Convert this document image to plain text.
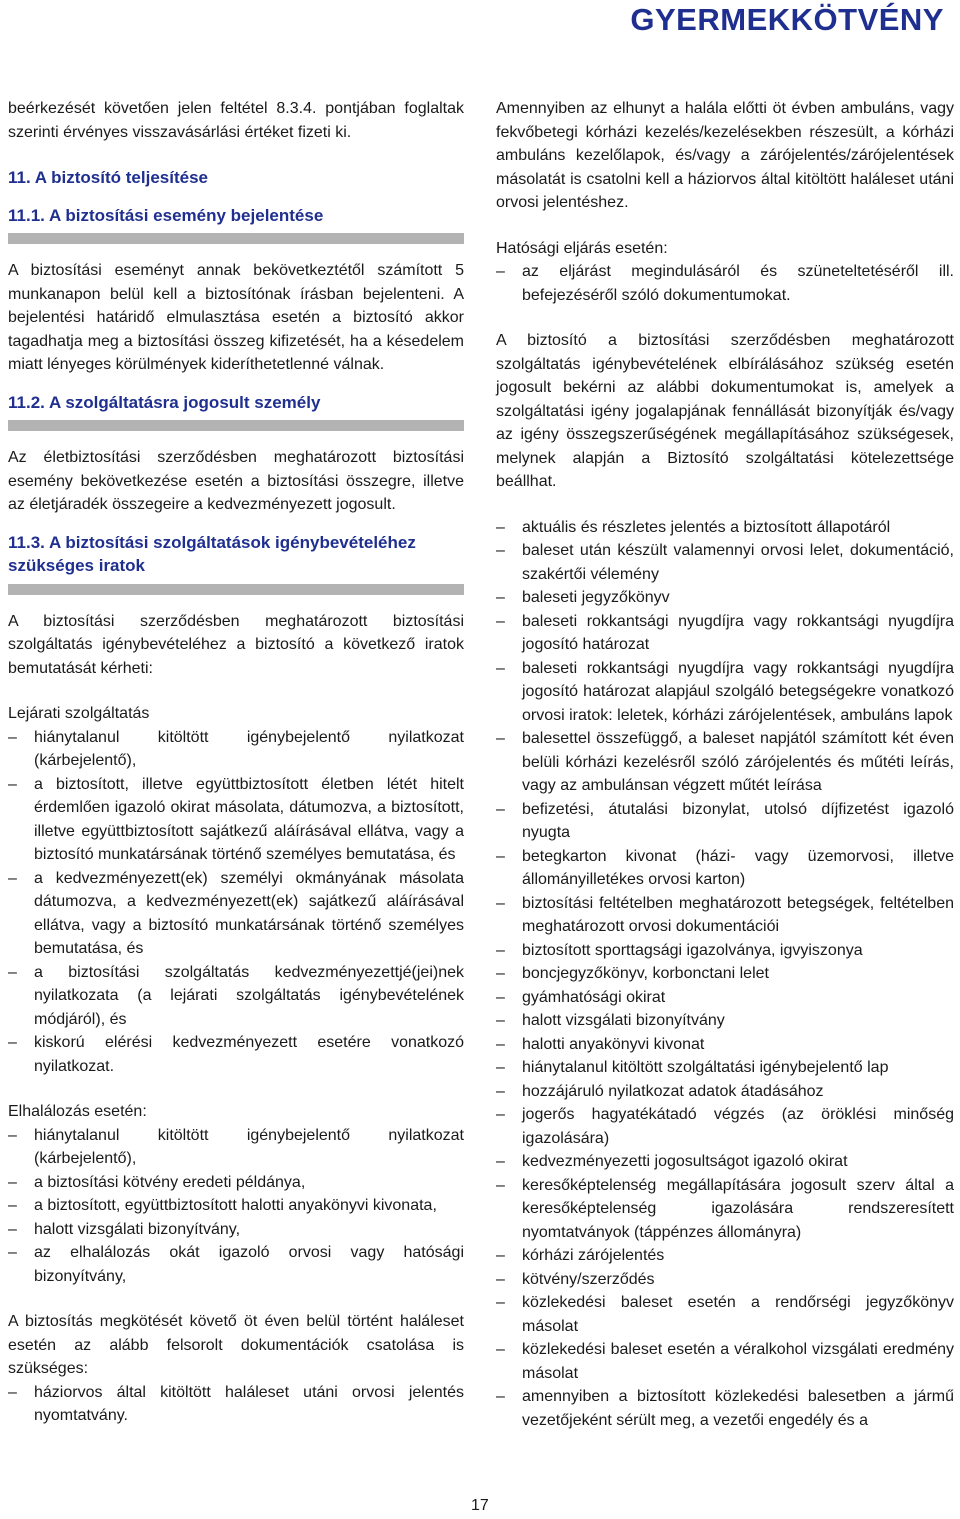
GYERMEKKÖTVÉNY

beérkezését követően jelen feltétel 8.3.4. pontjában foglaltak szerinti érvényes visszavásárlási értéket fizeti ki.

11. A biztosító teljesítése
11.1. A biztosítási esemény bejelentése

A biztosítási eseményt annak bekövetkeztétől számított 5 munkanapon belül kell a biztosítónak írásban bejelenteni. A bejelentési határidő elmulasztása esetén a biztosító akkor tagadhatja meg a biztosítási összeg kifizetését, ha a késedelem miatt lényeges körülmények kideríthetetlenné válnak.

11.2. A szolgáltatásra jogosult személy

Az életbiztosítási szerződésben meghatározott biztosítási esemény bekövetkezése esetén a biztosítási összegre, illetve az életjáradék összegeire a kedvezményezett jogosult.

11.3. A biztosítási szolgáltatások igénybevételéhez szükséges iratok

A biztosítási szerződésben meghatározott biztosítási szolgáltatás igénybevételéhez a biztosító a következő iratok bemutatását kérheti:

Lejárati szolgáltatás

– hiánytalanul kitöltött igénybejelentő nyilatkozat (kárbejelentő),
– a biztosított, illetve együttbiztosított életben létét hitelt érdemlően igazoló okirat másolata, dátumozva, a biztosított, illetve együttbiztosított sajátkezű aláírásával ellátva, vagy a biztosító munkatársának történő személyes bemutatása, és
– a kedvezményezett(ek) személyi okmányának másolata dátumozva, a kedvezményezett(ek) sajátkezű aláírásával ellátva, vagy a biztosító munkatársának történő személyes bemutatása, és
– a biztosítási szolgáltatás kedvezményezettjé(jei)nek nyilatkozata (a lejárati szolgáltatás igénybevételének módjáról), és
– kiskorú elérési kedvezményezett esetére vonatkozó nyilatkozat.

Elhalálozás esetén:

– hiánytalanul kitöltött igénybejelentő nyilatkozat (kárbejelentő),
– a biztosítási kötvény eredeti példánya,
– a biztosított, együttbiztosított halotti anyakönyvi kivonata,
– halott vizsgálati bizonyítvány,
– az elhalálozás okát igazoló orvosi vagy hatósági bizonyítvány,

A biztosítás megkötését követő öt éven belül történt haláleset esetén az alább felsorolt dokumentációk csatolása is szükséges:

– háziorvos által kitöltött haláleset utáni orvosi jelentés nyomtatvány.

Amennyiben az elhunyt a halála előtti öt évben ambuláns, vagy fekvőbetegi kórházi kezelés/kezelésekben részesült, a kórházi ambuláns kezelőlapok, és/vagy a zárójelentés/zárójelentések másolatát is csatolni kell a háziorvos által kitöltött haláleset utáni orvosi jelentéshez.

Hatósági eljárás esetén:

– az eljárást megindulásáról és szüneteltetéséről ill. befejezéséről szóló dokumentumokat.

A biztosító a biztosítási szerződésben meghatározott szolgáltatás igénybevételének elbírálásához szükség esetén jogosult bekérni az alábbi dokumentumokat is, amelyek a szolgáltatási igény jogalapjának fennállását bizonyítják és/vagy az igény összegszerűségének megállapításához szükségesek, melynek alapján a Biztosító szolgáltatási kötelezettsége beállhat.

– aktuális és részletes jelentés a biztosított állapotáról
– baleset után készült valamennyi orvosi lelet, dokumentáció, szakértői vélemény
– baleseti jegyzőkönyv
– baleseti rokkantsági nyugdíjra vagy rokkantsági nyugdíjra jogosító határozat
– baleseti rokkantsági nyugdíjra vagy rokkantsági nyugdíjra jogosító határozat alapjául szolgáló betegségekre vonatkozó orvosi iratok: leletek, kórházi zárójelentések, ambuláns lapok
– balesettel összefüggő, a baleset napjától számított két éven belüli kórházi kezelésről szóló zárójelentés és műtéti leírás, vagy az ambulánsan végzett műtét leírása
– befizetési, átutalási bizonylat, utolsó díjfizetést igazoló nyugta
– betegkarton kivonat (házi- vagy üzemorvosi, illetve állományilletékes orvosi karton)
– biztosítási feltételben meghatározott betegségek, feltételben meghatározott orvosi dokumentációi
– biztosított sporttagsági igazolványa, igvyiszonya
– boncjegyzőkönyv, korbonctani lelet
– gyámhatósági okirat
– halott vizsgálati bizonyítvány
– halotti anyakönyvi kivonat
– hiánytalanul kitöltött szolgáltatási igénybejelentő lap
– hozzájáruló nyilatkozat adatok átadásához
– jogerős hagyatékátadó végzés (az öröklési minőség igazolására)
– kedvezményezetti jogosultságot igazoló okirat
– keresőképtelenség megállapítására jogosult szerv által a keresőképtelenség igazolására rendszeresített nyomtatványok (táppénzes állományra)
– kórházi zárójelentés
– kötvény/szerződés
– közlekedési baleset esetén a rendőrségi jegyzőkönyv másolat
– közlekedési baleset esetén a véralkohol vizsgálati eredmény másolat
– amennyiben a biztosított közlekedési balesetben a jármű vezetőjeként sérült meg, a vezetői engedély és a
17
